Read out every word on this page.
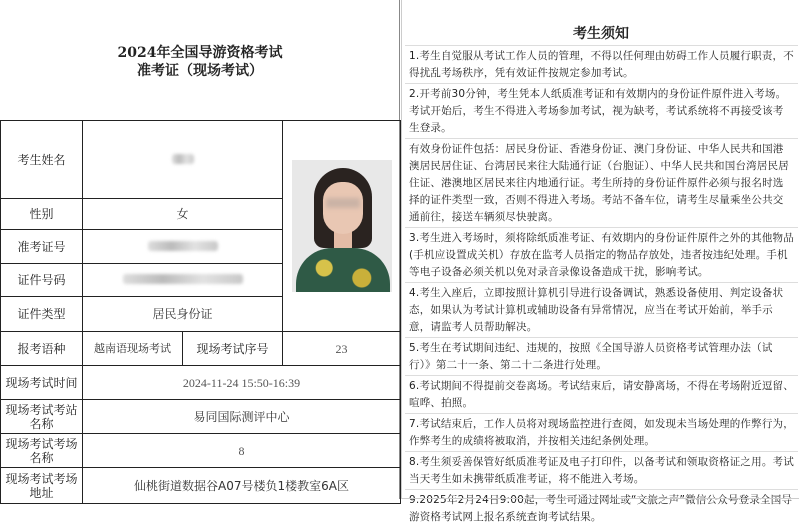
2024年全国导游资格考试
准考证（现场考试）
考生姓名			

性别	女		
准考证号			
证件号码			
证件类型	居民身份证		
报考语种	越南语现场考试	现场考试序号	23
现场考试时间	2024-11-24 15:50-16:39		
现场考试考站名称	易同国际测评中心		
现场考试考场名称	8		
现场考试考场地址	仙桃街道数据谷A07号楼负1楼教室6A区		
考生须知
1.考生自觉服从考试工作人员的管理，不得以任何理由妨碍工作人员履行职责，不得扰乱考场秩序，凭有效证件按规定参加考试。
2.开考前30分钟，考生凭本人纸质准考证和有效期内的身份证件原件进入考场。考试开始后，考生不得进入考场参加考试，视为缺考，考试系统将不再接受该考生登录。
有效身份证件包括：居民身份证、香港身份证、澳门身份证、中华人民共和国港澳居民居住证、台湾居民来往大陆通行证（台胞证）、中华人民共和国台湾居民居住证、港澳地区居民来往内地通行证。考生所持的身份证件原件必须与报名时选择的证件类型一致，否则不得进入考场。考站不备车位，请考生尽量乘坐公共交通前往，接送车辆须尽快驶离。
3.考生进入考场时，须将除纸质准考证、有效期内的身份证件原件之外的其他物品(手机应设置成关机）存放在监考人员指定的物品存放处，违者按违纪处理。手机等电子设备必须关机以免对录音录像设备造成干扰，影响考试。
4.考生入座后，立即按照计算机引导进行设备调试，熟悉设备使用、判定设备状态，如果认为考试计算机或辅助设备有异常情况，应当在考试开始前，举手示意，请监考人员帮助解决。
5.考生在考试期间违纪、违规的，按照《全国导游人员资格考试管理办法（试行）》第二十一条、第二十二条进行处理。
6.考试期间不得提前交卷离场。考试结束后，请安静离场，不得在考场附近逗留、喧哗、拍照。
7.考试结束后，工作人员将对现场监控进行查阅，如发现未当场处理的作弊行为，作弊考生的成绩将被取消，并按相关违纪条例处理。
8.考生须妥善保管好纸质准考证及电子打印件，以备考试和领取资格证之用。考试当天考生如未携带纸质准考证，将不能进入考场。
9.2025年2月24日9:00起，考生可通过网址或“文旅之声”微信公众号登录全国导游资格考试网上报名系统查询考试结果。
